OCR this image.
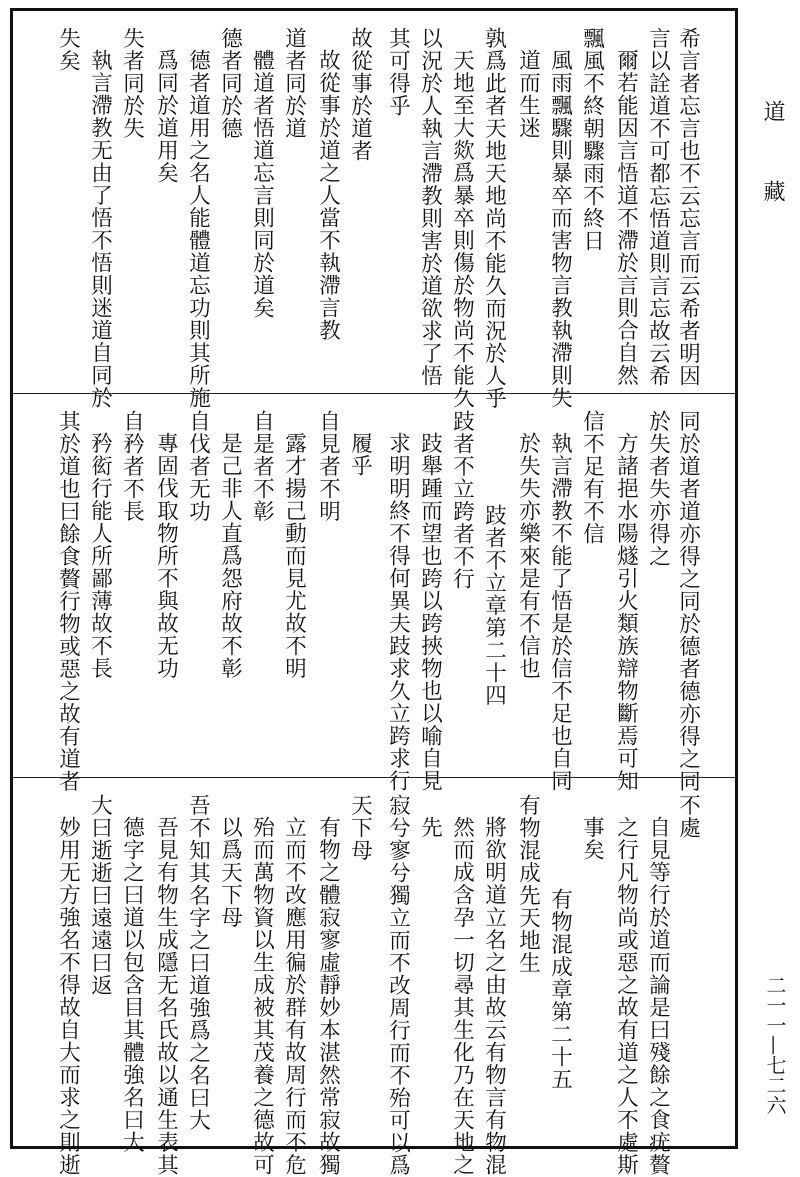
希言者忘言也不云忘言而云希者明因
言以詮道不可都忘悟道則言忘故云希
爾若能因言悟道不滯於言則合自然
飄風不終朝驟雨不終日
風雨飄驟則暴卒而害物言教執滯則失
道而生迷
孰爲此者天地天地尚不能久而況於人乎
天地至大欻爲暴卒則傷於物尚不能久
以況於人執言滯教則害於道欲求了悟
其可得乎
故從事於道者
故從事於道之人當不執滯言教
道者同於道
體道者悟道忘言則同於道矣
德者同於德
德者道用之名人能體道忘功則其所施
爲同於道用矣
失者同於失
執言滯教无由了悟不悟則迷道自同於
失矣
同於道者道亦得之同於德者德亦得之同
於失者失亦得之
方諸挹水陽燧引火類族辯物斷焉可知
信不足有不信
執言滯教不能了悟是於信不足也自同
於失失亦樂來是有不信也
跂者不立章第二十四
跂者不立跨者不行
跂舉踵而望也跨以跨挾物也以喻自見
求明明終不得何異夫跂求久立跨求行
履乎
自見者不明
露才揚己動而見尤故不明
自是者不彰
是己非人直爲怨府故不彰
自伐者无功
專固伐取物所不與故无功
自矜者不長
矜衒行能人所鄙薄故不長
其於道也曰餘食贅行物或惡之故有道者
不處
自見等行於道而論是曰殘餘之食疣贅
之行凡物尚或惡之故有道之人不處斯
事矣
有物混成章第二十五
有物混成先天地生
將欲明道立名之由故云有物言有物混
然而成含孕一切尋其生化乃在天地之
先
寂兮寥兮獨立而不改周行而不殆可以爲
天下母
有物之體寂寥虛靜妙本湛然常寂故獨
立而不改應用徧於群有故周行而不危
殆而萬物資以生成被其茂養之德故可
以爲天下母
吾不知其名字之曰道強爲之名曰大
吾見有物生成隱无名氏故以通生表其
德字之曰道以包含目其體強名曰大
大曰逝逝曰遠遠曰返
妙用无方強名不得故自大而求之則逝
道
藏
二一一—七二六
